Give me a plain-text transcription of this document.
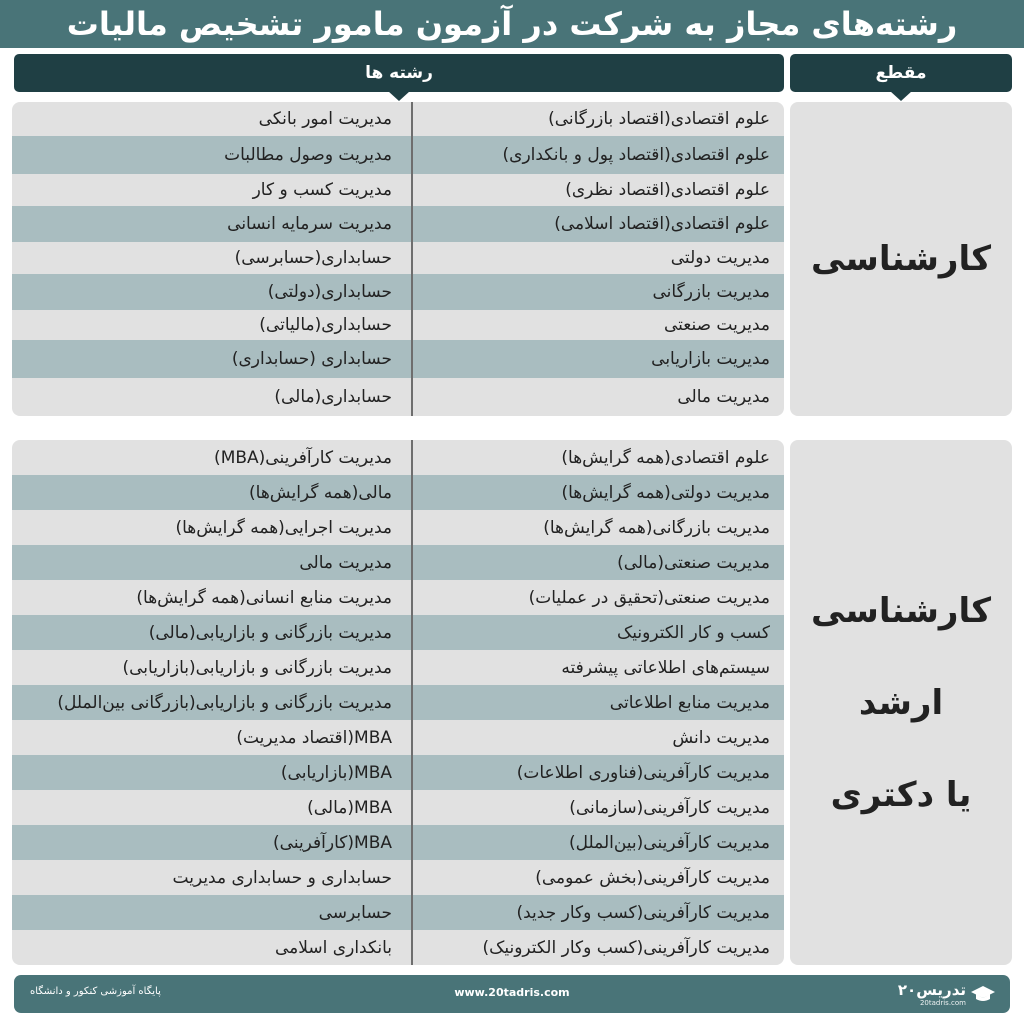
رشته‌های مجاز به شرکت در آزمون مامور تشخیص مالیات
مقطع
رشته ها
کارشناسی
علوم اقتصادی(اقتصاد بازرگانی)
مدیریت امور بانکی
علوم اقتصادی(اقتصاد پول و بانکداری)
مدیریت وصول مطالبات
علوم اقتصادی(اقتصاد نظری)
مدیریت کسب و کار
علوم اقتصادی(اقتصاد اسلامی)
مدیریت سرمایه انسانی
مدیریت دولتی
حسابداری(حسابرسی)
مدیریت بازرگانی
حسابداری(دولتی)
مدیریت صنعتی
حسابداری(مالیاتی)
مدیریت بازاریابی
حسابداری (حسابداری)
مدیریت مالی
حسابداری(مالی)
کارشناسی
ارشد
یا دکتری
علوم اقتصادی(همه گرایش‌ها)
مدیریت کارآفرینی(MBA)
مدیریت دولتی(همه گرایش‌ها)
مالی(همه گرایش‌ها)
مدیریت بازرگانی(همه گرایش‌ها)
مدیریت اجرایی(همه گرایش‌ها)
مدیریت صنعتی(مالی)
مدیریت مالی
مدیریت صنعتی(تحقیق در عملیات)
مدیریت منابع انسانی(همه گرایش‌ها)
کسب و کار الکترونیک
مدیریت بازرگانی و بازاریابی(مالی)
سیستم‌های اطلاعاتی پیشرفته
مدیریت بازرگانی و بازاریابی(بازاریابی)
مدیریت منابع اطلاعاتی
مدیریت بازرگانی و بازاریابی(بازرگانی بین‌الملل)
مدیریت دانش
MBA(اقتصاد مدیریت)
مدیریت کارآفرینی(فناوری اطلاعات)
MBA(بازاریابی)
مدیریت کارآفرینی(سازمانی)
MBA(مالی)
مدیریت کارآفرینی(بین‌الملل)
MBA(کارآفرینی)
مدیریت کارآفرینی(بخش عمومی)
حسابداری و حسابداری مدیریت
مدیریت کارآفرینی(کسب وکار جدید)
حسابرسی
مدیریت کارآفرینی(کسب وکار الکترونیک)
بانکداری اسلامی
پایگاه آموزشی کنکور و دانشگاه	www.20tadris.com	۲۰تدریس
20tadris.com
